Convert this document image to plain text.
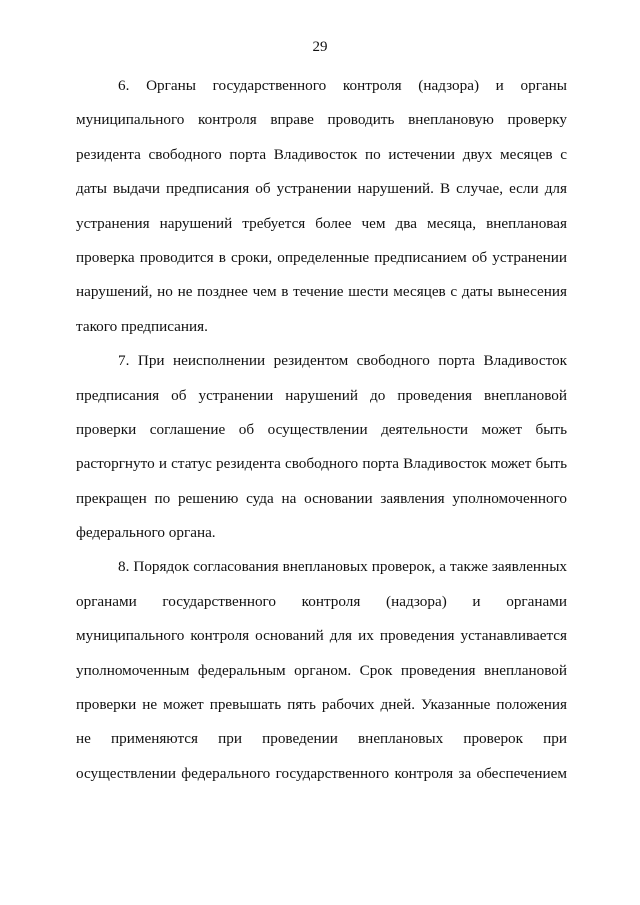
29
6. Органы государственного контроля (надзора) и органы
муниципального контроля вправе проводить внеплановую проверку
резидента свободного порта Владивосток по истечении двух месяцев с
даты выдачи предписания об устранении нарушений. В случае, если для
устранения нарушений требуется более чем два месяца, внеплановая
проверка проводится в сроки, определенные предписанием об устранении
нарушений, но не позднее чем в течение шести месяцев с даты вынесения
такого предписания.
7. При неисполнении резидентом свободного порта Владивосток
предписания об устранении нарушений до проведения внеплановой
проверки соглашение об осуществлении деятельности может быть
расторгнуто и статус резидента свободного порта Владивосток может быть
прекращен по решению суда на основании заявления уполномоченного
федерального органа.
8. Порядок согласования внеплановых проверок, а также заявленных
органами государственного контроля (надзора) и органами
муниципального контроля оснований для их проведения устанавливается
уполномоченным федеральным органом. Срок проведения внеплановой
проверки не может превышать пять рабочих дней. Указанные положения
не применяются при проведении внеплановых проверок при
осуществлении федерального государственного контроля за обеспечением
